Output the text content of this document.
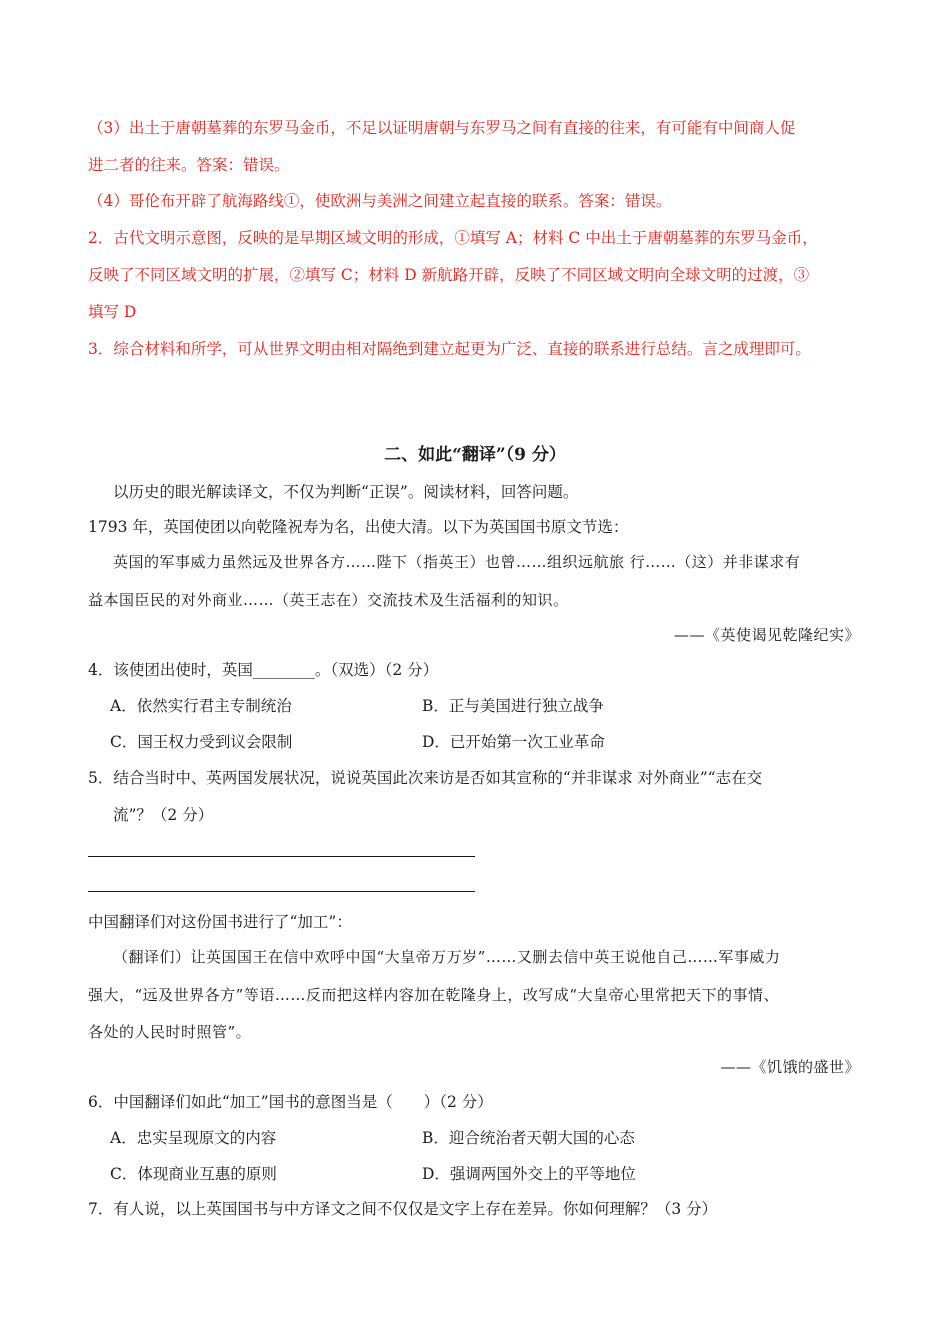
（3）出土于唐朝墓葬的东罗马金币，不足以证明唐朝与东罗马之间有直接的往来，有可能有中间商人促
进二者的往来。答案：错误。
（4）哥伦布开辟了航海路线①，使欧洲与美洲之间建立起直接的联系。答案：错误。
2．古代文明示意图，反映的是早期区域文明的形成，①填写 A；材料 C 中出土于唐朝墓葬的东罗马金币，
反映了不同区域文明的扩展，②填写 C；材料 D 新航路开辟，反映了不同区域文明向全球文明的过渡，③
填写 D
3．综合材料和所学，可从世界文明由相对隔绝到建立起更为广泛、直接的联系进行总结。言之成理即可。
二、如此“翻译”（9 分）
以历史的眼光解读译文，不仅为判断“正误”。阅读材料，回答问题。
1793 年，英国使团以向乾隆祝寿为名，出使大清。以下为英国国书原文节选：
英国的军事威力虽然远及世界各方……陛下（指英王）也曾……组织远航旅 行……（这）并非谋求有
益本国臣民的对外商业……（英王志在）交流技术及生活福利的知识。
——《英使谒见乾隆纪实》
4．该使团出使时，英国________。（双选）（2 分）
A．依然实行君主专制统治	B．正与美国进行独立战争
C．国王权力受到议会限制	D．已开始第一次工业革命
5．结合当时中、英两国发展状况，说说英国此次来访是否如其宣称的“并非谋求 对外商业”“志在交
流”？（2 分）
中国翻译们对这份国书进行了“加工”：
（翻译们）让英国国王在信中欢呼中国“大皇帝万万岁”……又删去信中英王说他自己……军事威力
强大，“远及世界各方”等语……反而把这样内容加在乾隆身上，改写成“大皇帝心里常把天下的事情、
各处的人民时时照管”。
——《饥饿的盛世》
6．中国翻译们如此“加工”国书的意图当是（　　）（2 分）
A．忠实呈现原文的内容	B．迎合统治者天朝大国的心态
C．体现商业互惠的原则	D．强调两国外交上的平等地位
7．有人说，以上英国国书与中方译文之间不仅仅是文字上存在差异。你如何理解？（3 分）
